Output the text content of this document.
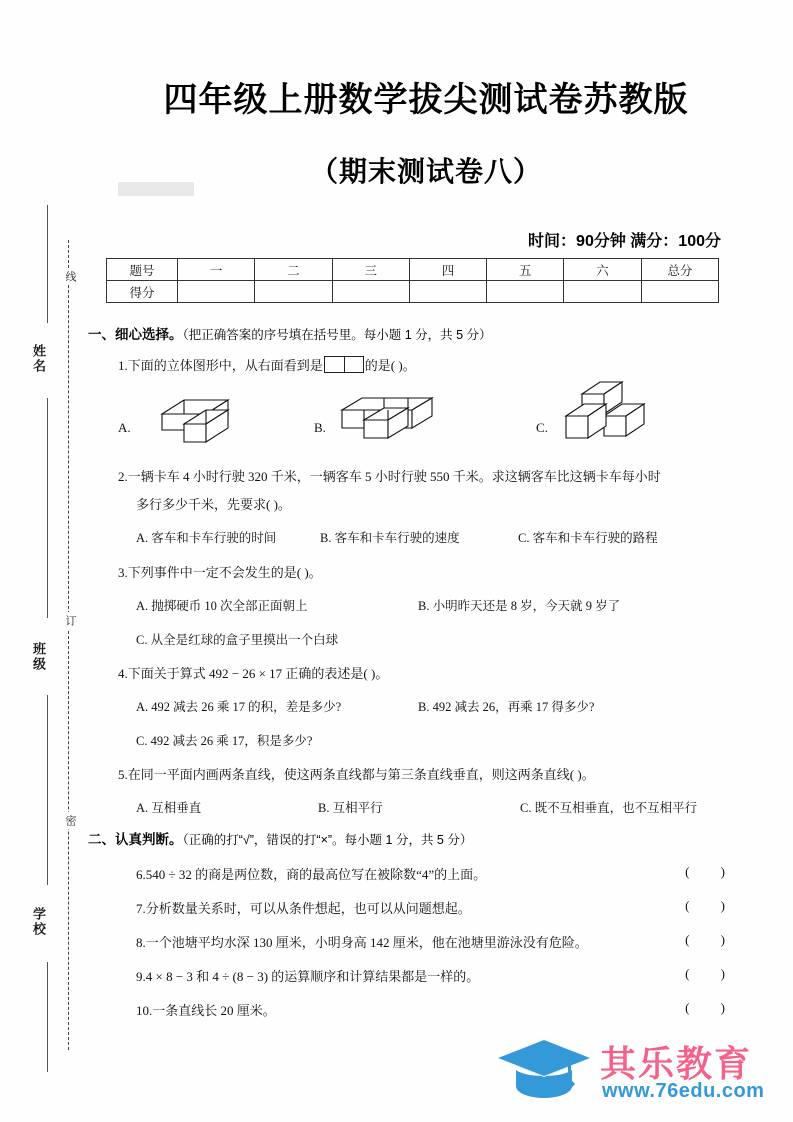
线
订
密
姓名
班级
学校
四年级上册数学拔尖测试卷苏教版
（期末测试卷八）
时间：90分钟 满分：100分
题号	一	二	三	四	五	六	总分
得分							
一、细心选择。（把正确答案的序号填在括号里。每小题 1 分，共 5 分）
1.下面的立体图形中，从右面看到是	的是( )。
A.	B.	C.
2.一辆卡车 4 小时行驶 320 千米，一辆客车 5 小时行驶 550 千米。求这辆客车比这辆卡车每小时
多行多少千米，先要求( )。
A. 客车和卡车行驶的时间	B. 客车和卡车行驶的速度	C. 客车和卡车行驶的路程
3.下列事件中一定不会发生的是( )。
A. 抛掷硬币 10 次全部正面朝上	B. 小明昨天还是 8 岁，今天就 9 岁了
C. 从全是红球的盒子里摸出一个白球
4.下面关于算式 492 − 26 × 17 正确的表述是( )。
A. 492 减去 26 乘 17 的积，差是多少?	B. 492 减去 26，再乘 17 得多少?
C. 492 减去 26 乘 17，积是多少?
5.在同一平面内画两条直线，使这两条直线都与第三条直线垂直，则这两条直线( )。
A. 互相垂直	B. 互相平行	C. 既不互相垂直，也不互相平行
二、认真判断。（正确的打“√”，错误的打“×”。每小题 1 分，共 5 分）
6.540 ÷ 32 的商是两位数，商的最高位写在被除数“4”的上面。	( )
7.分析数量关系时，可以从条件想起，也可以从问题想起。	( )
8.一个池塘平均水深 130 厘米，小明身高 142 厘米，他在池塘里游泳没有危险。	( )
9.4 × 8 − 3 和 4 ÷ (8 − 3) 的运算顺序和计算结果都是一样的。	( )
10.一条直线长 20 厘米。	( )
其乐教育
www.76edu.com
